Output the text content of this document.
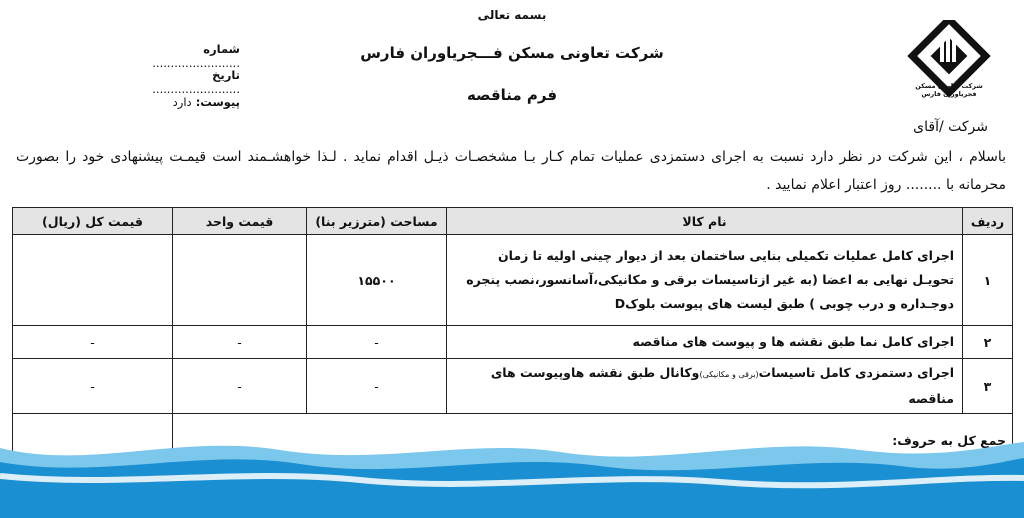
بسمه تعالی
شرکت تعاونی مسکن فـــجریاوران فارس
فرم مناقصه
شماره ........................
تاریخ ........................
پیوست: دارد
شرکت تعاونی مسکن
فجریاوران فارس
شرکت /آقای
باسلام ، این شرکت در نظر دارد نسبت به اجرای دستمزدی عملیات تمام کـار بـا مشخصـات ذیـل اقدام نماید . لـذا خواهشـمند است قیمـت پیشنهادی خود را بصورت محرمانه با ........ روز اعتبار اعلام نمایید .
ردیف	نام کالا	مساحت (مترزیر بنا)	قیمت واحد	قیمت کل (ریال)
۱	اجرای کامل عملیات تکمیلی بنایی ساختمان بعد از دیوار چینی اولیه تا زمان تحویـل نهایی به اعضا (به غیر ازتاسیسات برقی و مکانیکی،آسانسور،نصب پنجره دوجـداره و درب چوبی ) طبق لیست های پیوست بلوکD	۱۵۵۰۰		
۲	اجرای کامل نما طبق نقشه ها و پیوست های مناقصه	-	-	-
۳	اجرای دستمزدی کامل تاسیسات(برقی و مکانیکی)وکانال طبق نقشه هاوپیوست های مناقصه	-	-	-
جمع کل به حروف:				
